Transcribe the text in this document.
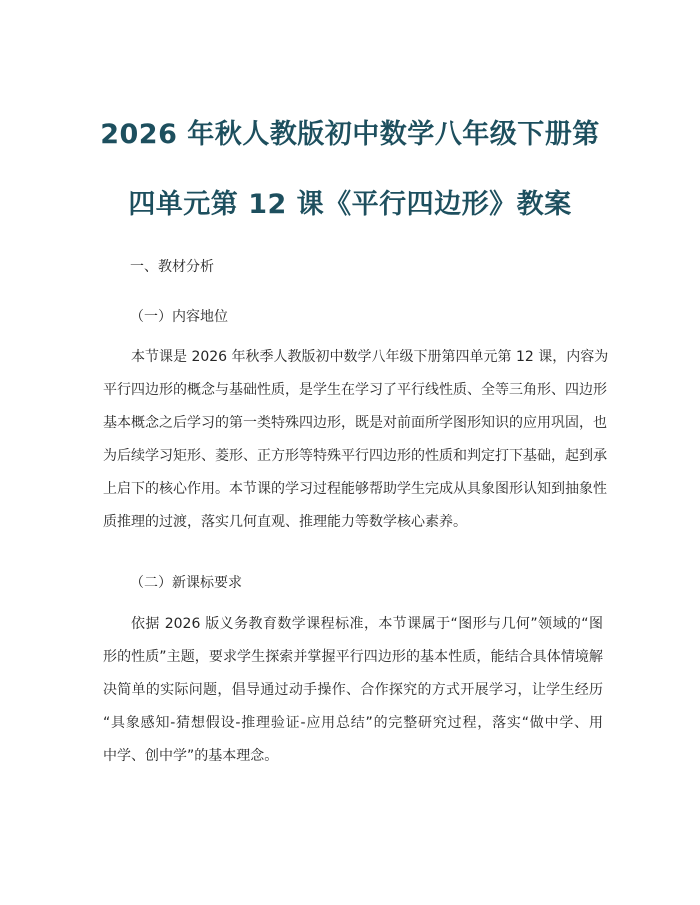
2026 年秋人教版初中数学八年级下册第
四单元第 12 课《平行四边形》教案
一、教材分析
（一）内容地位
本节课是 2026 年秋季人教版初中数学八年级下册第四单元第 12 课，内容为
平行四边形的概念与基础性质，是学生在学习了平行线性质、全等三角形、四边形
基本概念之后学习的第一类特殊四边形，既是对前面所学图形知识的应用巩固，也
为后续学习矩形、菱形、正方形等特殊平行四边形的性质和判定打下基础，起到承
上启下的核心作用。本节课的学习过程能够帮助学生完成从具象图形认知到抽象性
质推理的过渡，落实几何直观、推理能力等数学核心素养。
（二）新课标要求
依据 2026 版义务教育数学课程标准，本节课属于“图形与几何”领域的“图
形的性质”主题，要求学生探索并掌握平行四边形的基本性质，能结合具体情境解
决简单的实际问题，倡导通过动手操作、合作探究的方式开展学习，让学生经历
“具象感知-猜想假设-推理验证-应用总结”的完整研究过程，落实“做中学、用
中学、创中学”的基本理念。
